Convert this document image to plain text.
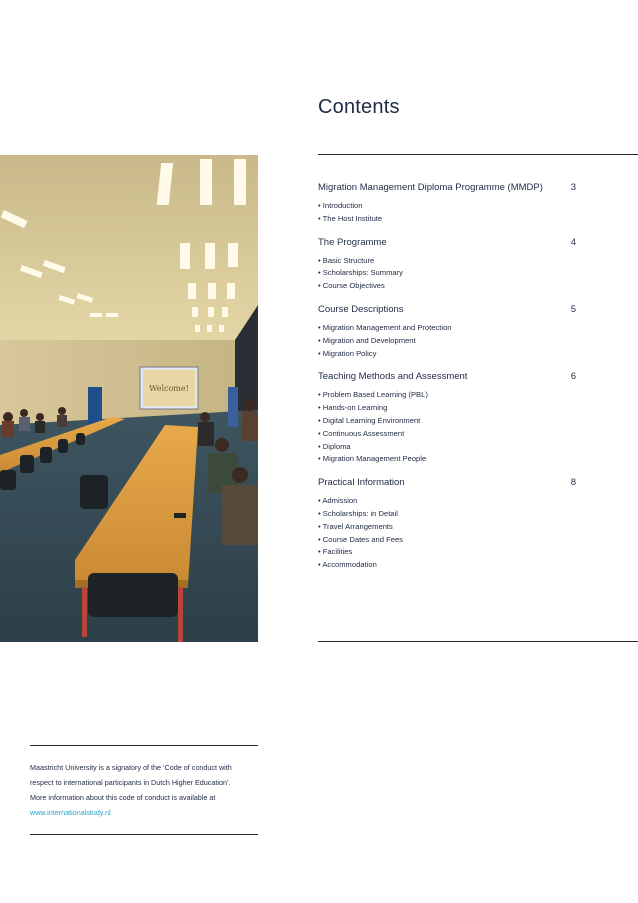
Contents
Welcome!
Migration Management Diploma Programme (MMDP)	3
• Introduction
• The Host Institute
The Programme	4
• Basic Structure
• Scholarships: Summary
• Course Objectives
Course Descriptions	5
• Migration Management and Protection
• Migration and Development
• Migration Policy
Teaching Methods and Assessment	6
• Problem Based Learning (PBL)
• Hands-on Learning
• Digital Learning Environment
• Continuous Assessment
• Diploma
• Migration Management People
Practical Information	8
• Admission
• Scholarships: in Detail
• Travel Arrangements
• Course Dates and Fees
• Facilities
• Accommodation
Maastricht University is a signatory of the ‘Code of conduct with
respect to international participants in Dutch Higher Education’.
More information about this code of conduct is available at
www.internationalstudy.nl
